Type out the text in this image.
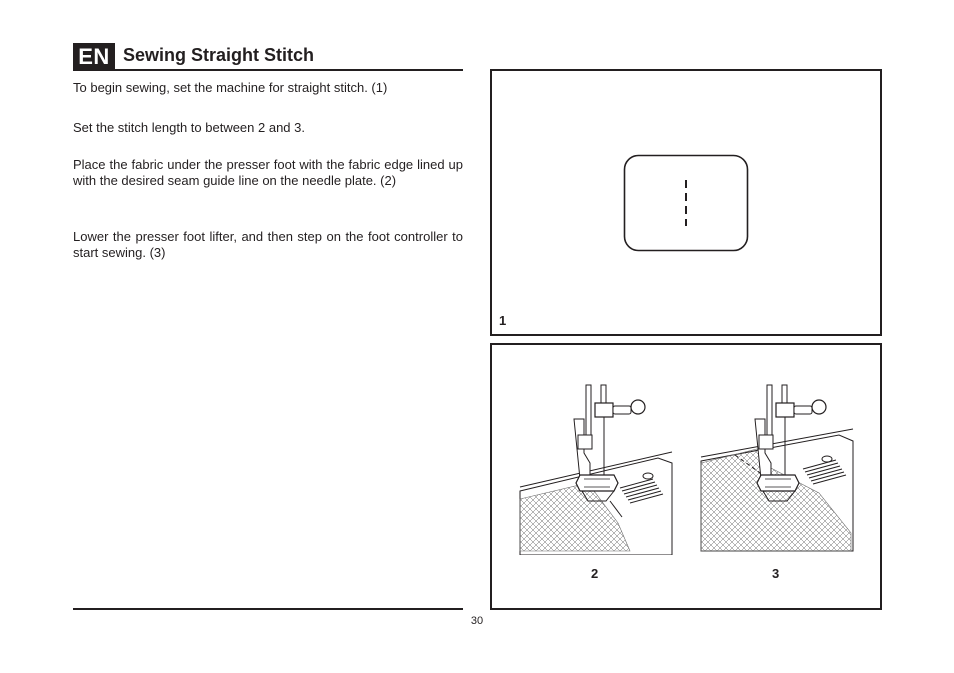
EN Sewing Straight Stitch

To begin sewing, set the machine for straight stitch. (1)

Set the stitch length to between 2 and 3.

Place the fabric under the presser foot with the fabric edge lined up with the desired seam guide line on the needle plate. (2)

Lower the presser foot lifter, and then step on the foot controller to start sewing. (3)

1
2	3
30
